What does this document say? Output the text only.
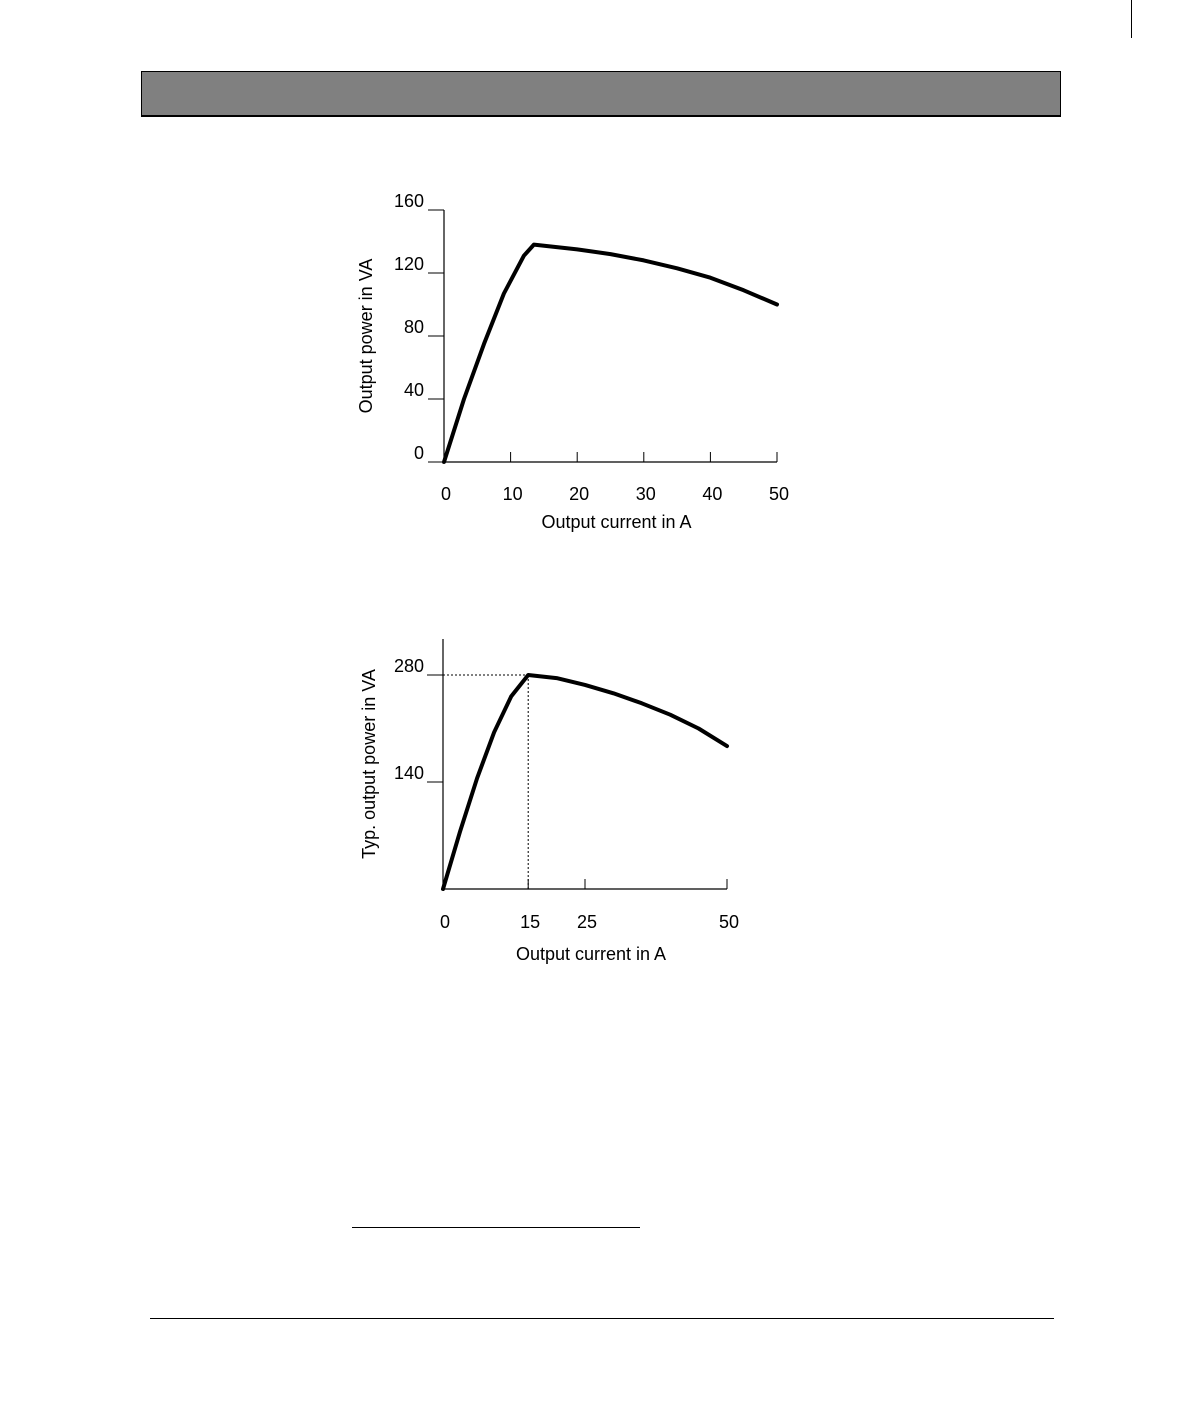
0
40
80
120
160
0	10	20	30	40	50
Output current in A
Output power in VA
140
280
0	15 25	50
Output current in A
Typ. output power in VA
